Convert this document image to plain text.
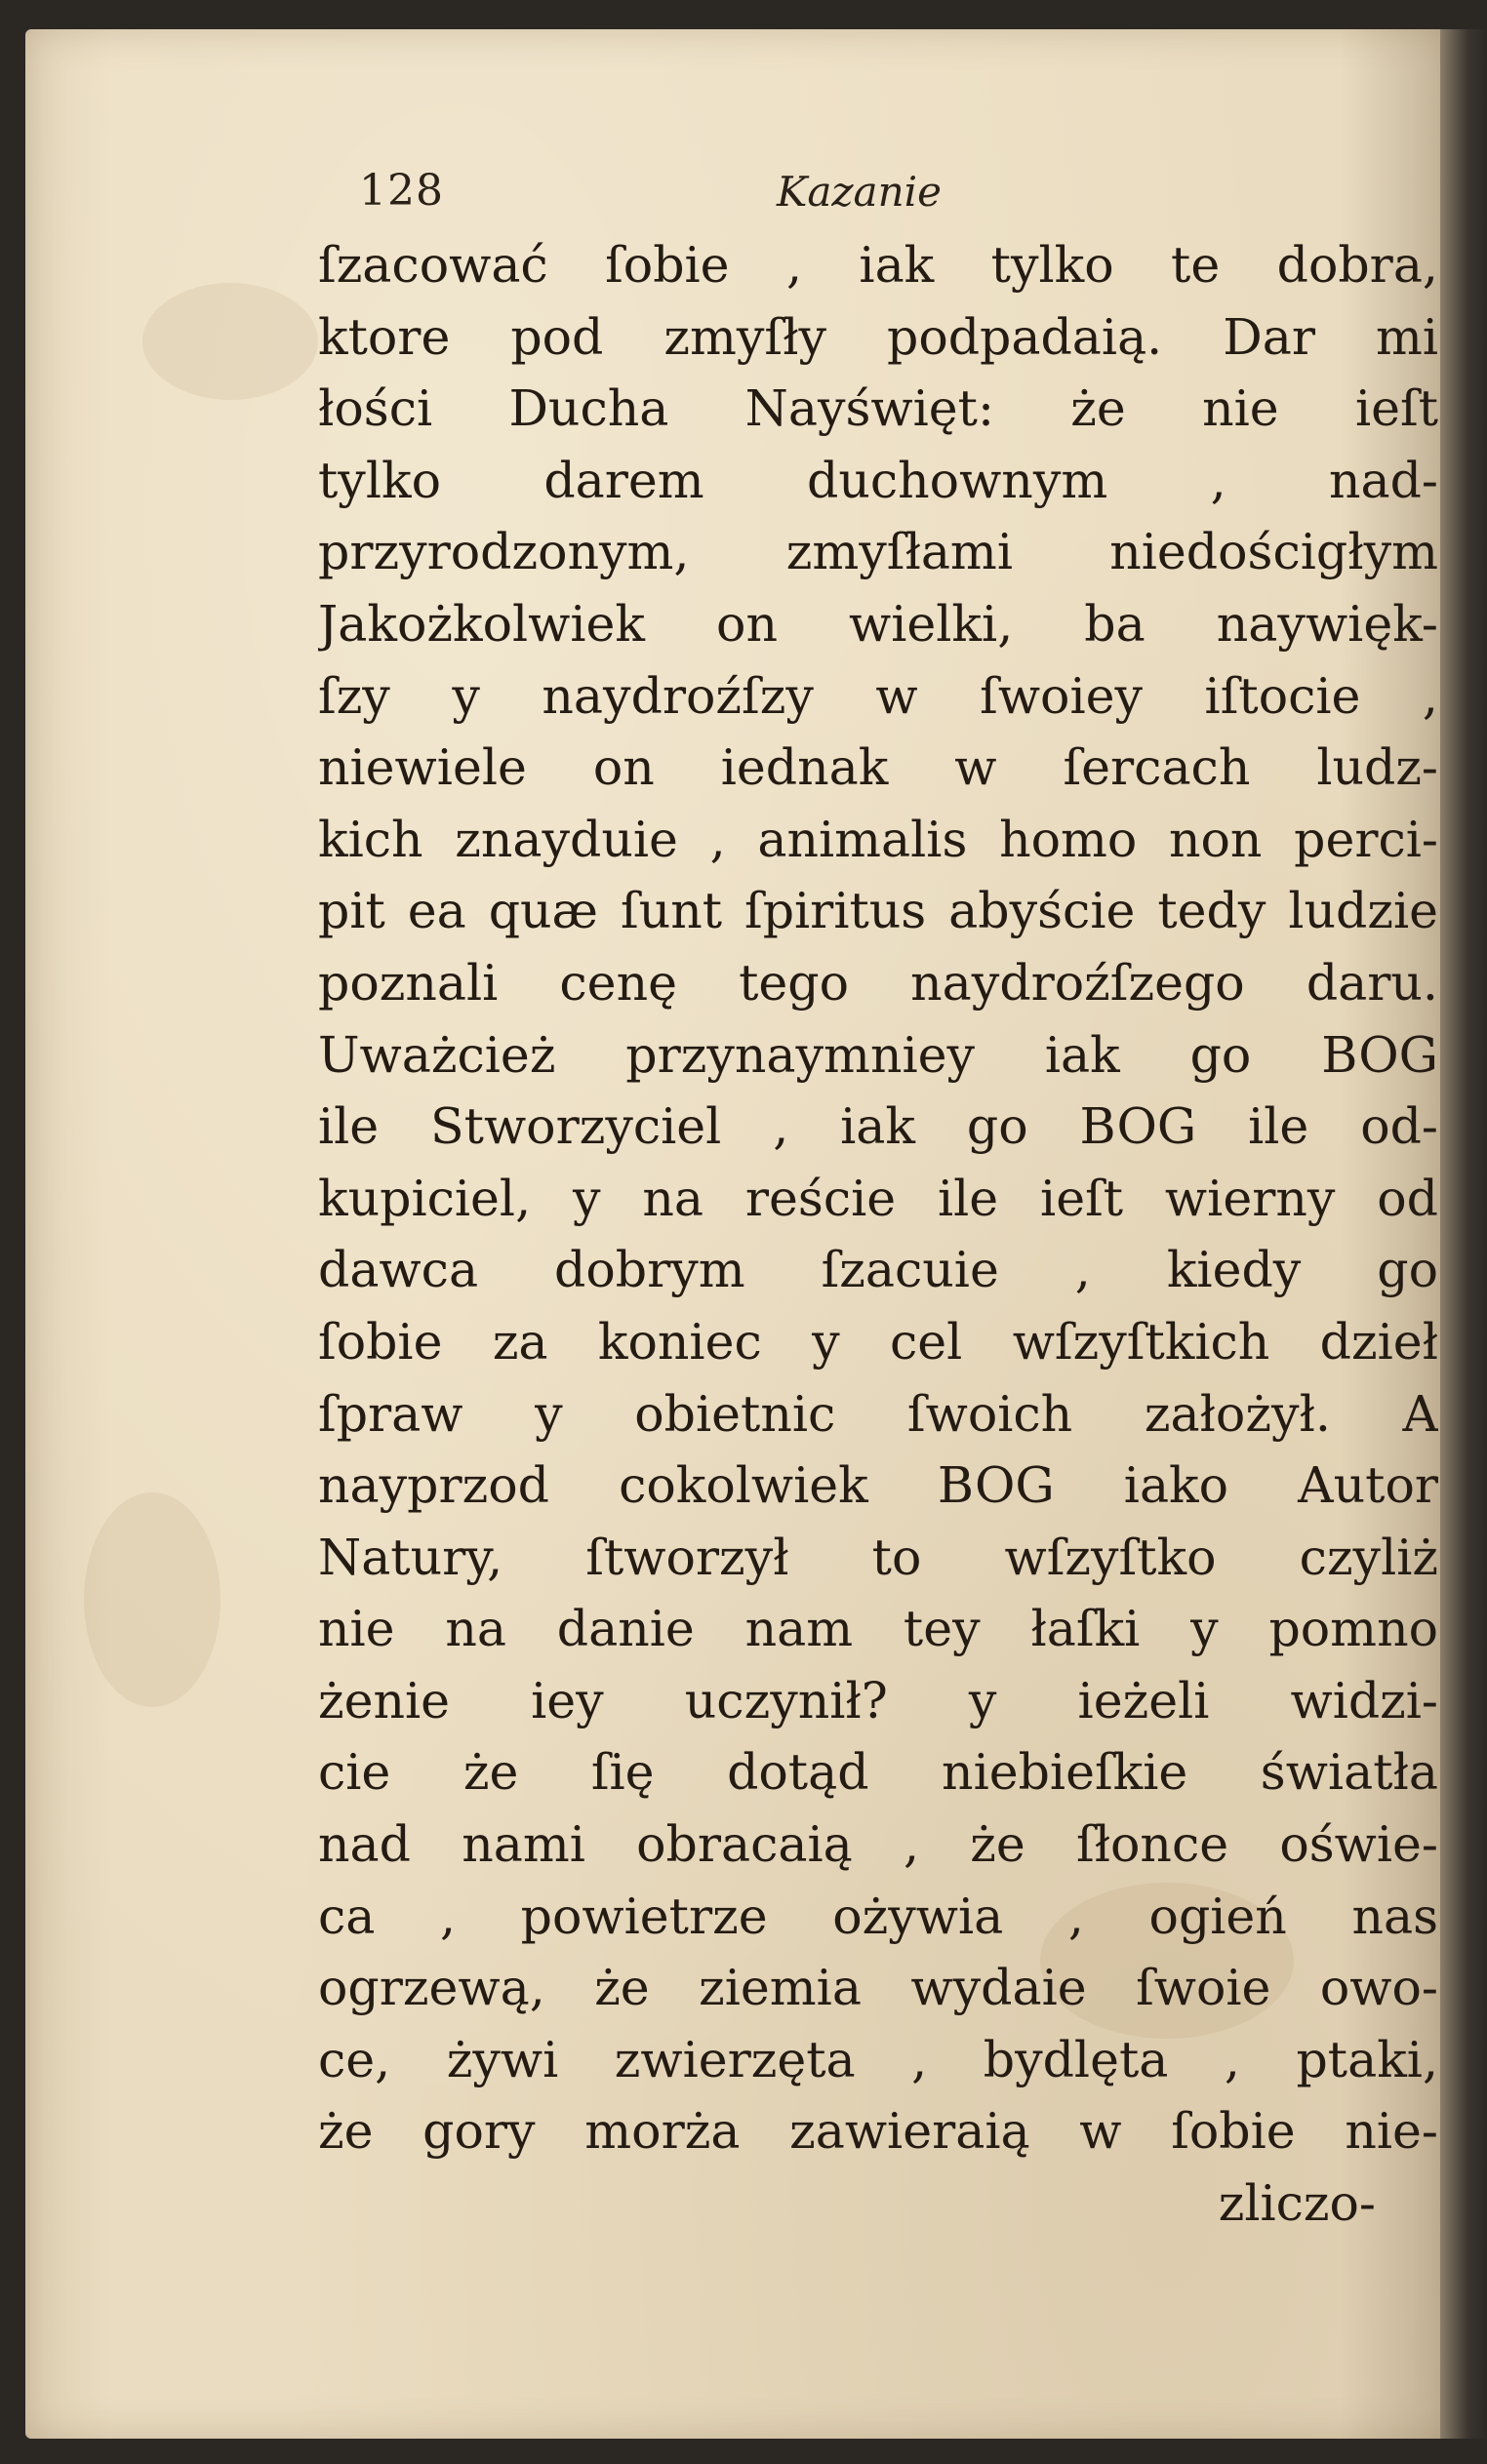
128	Kazanie
ſzacować ſobie , iak tylko te dobra,
ktore pod zmyſły podpadaią. Dar mi
łości Ducha Nayświęt: że nie ieſt
tylko darem duchownym , nad-
przyrodzonym, zmyſłami niedościgłym
Jakożkolwiek on wielki, ba naywięk-
ſzy y naydroźſzy w ſwoiey iſtocie ,
niewiele on iednak w ſercach ludz-
kich znayduie , animalis homo non perci-
pit ea quæ ſunt ſpiritus abyście tedy ludzie
poznali cenę tego naydroźſzego daru.
Uważcież przynaymniey iak go BOG
ile Stworzyciel , iak go BOG ile od-
kupiciel, y na reście ile ieſt wierny od
dawca dobrym ſzacuie , kiedy go
ſobie za koniec y cel wſzyſtkich dzieł
ſpraw y obietnic ſwoich założył. A
nayprzod cokolwiek BOG iako Autor
Natury, ſtworzył to wſzyſtko czyliż
nie na danie nam tey łaſki y pomno
żenie iey uczynił? y ieżeli widzi-
cie że ſię dotąd niebieſkie światła
nad nami obracaią , że ſłonce oświe-
ca , powietrze ożywia , ogień nas
ogrzewą, że ziemia wydaie ſwoie owo-
ce, żywi zwierzęta , bydlęta , ptaki,
że gory morża zawieraią w ſobie nie-
zliczo-
